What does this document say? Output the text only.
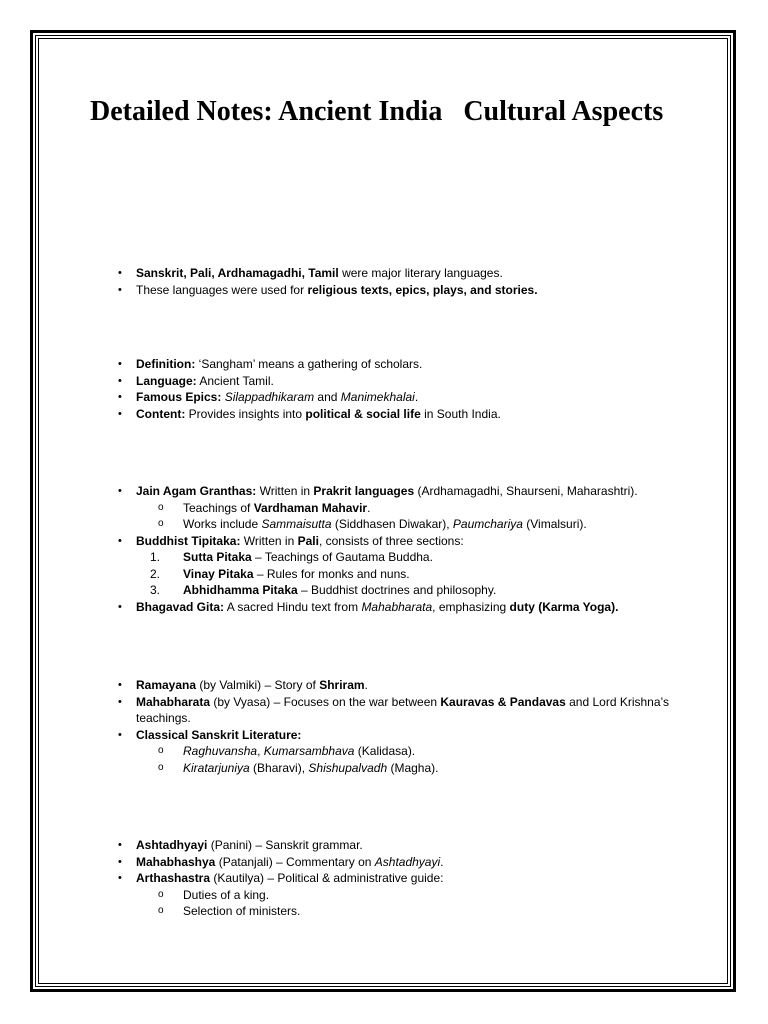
Detailed Notes: Ancient India   Cultural Aspects
• Sanskrit, Pali, Ardhamagadhi, Tamil were major literary languages.
• These languages were used for religious texts, epics, plays, and stories.
• Definition: ‘Sangham’ means a gathering of scholars.
• Language: Ancient Tamil.
• Famous Epics: Silappadhikaram and Manimekhalai.
• Content: Provides insights into political & social life in South India.
• Jain Agam Granthas: Written in Prakrit languages (Ardhamagadhi, Shaurseni, Maharashtri).
o Teachings of Vardhaman Mahavir.
o Works include Sammaisutta (Siddhasen Diwakar), Paumchariya (Vimalsuri).
• Buddhist Tipitaka: Written in Pali, consists of three sections:
1. Sutta Pitaka – Teachings of Gautama Buddha.
2. Vinay Pitaka – Rules for monks and nuns.
3. Abhidhamma Pitaka – Buddhist doctrines and philosophy.
• Bhagavad Gita: A sacred Hindu text from Mahabharata, emphasizing duty (Karma Yoga).
• Ramayana (by Valmiki) – Story of Shriram.
• Mahabharata (by Vyasa) – Focuses on the war between Kauravas & Pandavas and Lord Krishna’s teachings.
• Classical Sanskrit Literature:
o Raghuvansha, Kumarsambhava (Kalidasa).
o Kiratarjuniya (Bharavi), Shishupalvadh (Magha).
• Ashtadhyayi (Panini) – Sanskrit grammar.
• Mahabhashya (Patanjali) – Commentary on Ashtadhyayi.
• Arthashastra (Kautilya) – Political & administrative guide:
o Duties of a king.
o Selection of ministers.
